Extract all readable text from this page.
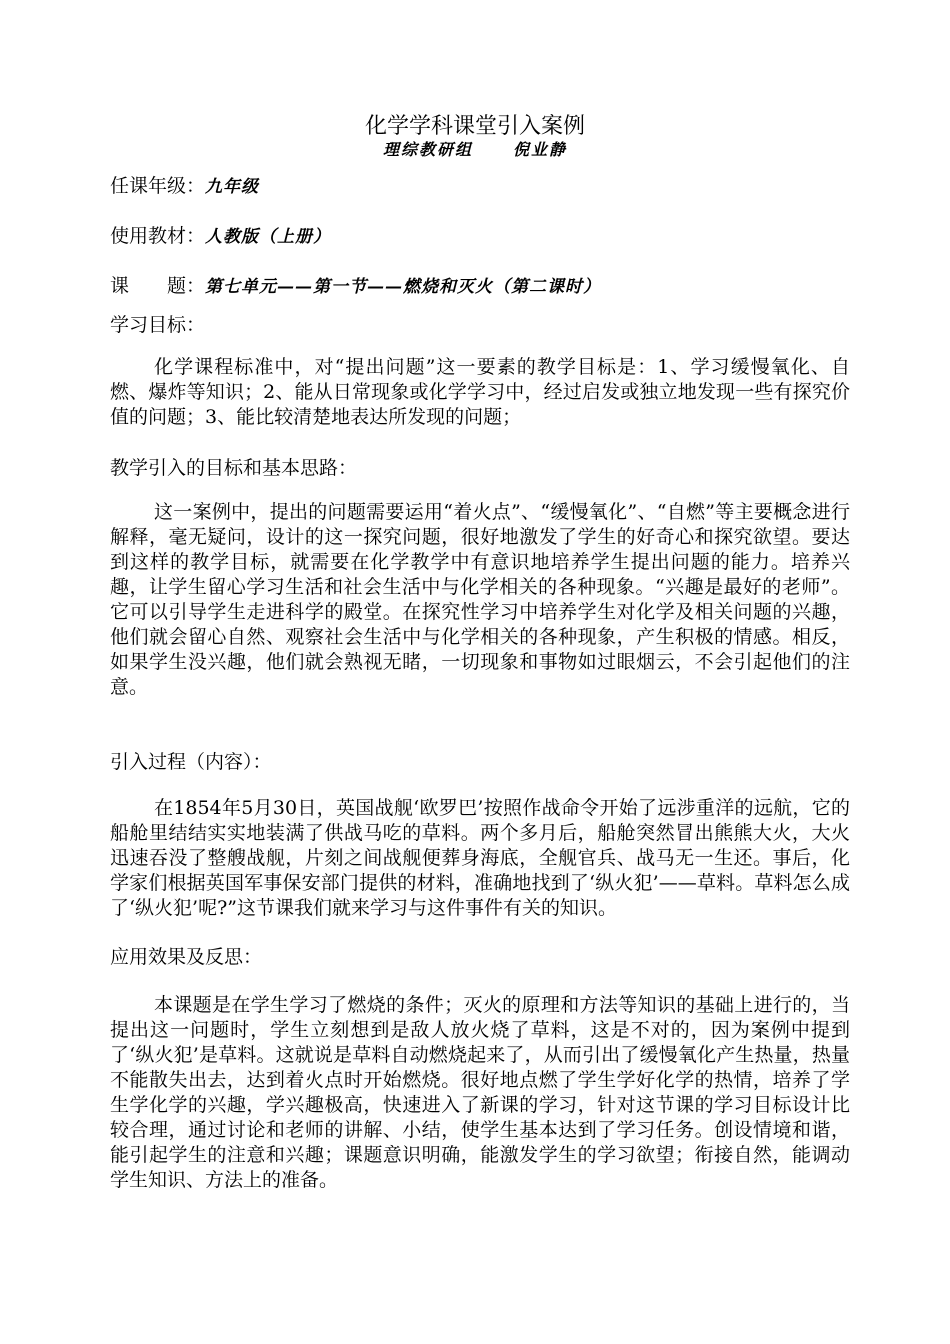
化学学科课堂引入案例
理综教研组	倪业静
任课年级：九年级
使用教材：人教版（上册）
课　　题：第七单元——第一节——燃烧和灭火（第二课时）
学习目标：
化学课程标准中，对“提出问题”这一要素的教学目标是：1、学习缓慢氧化、自燃、爆炸等知识；2、能从日常现象或化学学习中，经过启发或独立地发现一些有探究价值的问题；3、能比较清楚地表达所发现的问题；
教学引入的目标和基本思路：
这一案例中，提出的问题需要运用“着火点”、“缓慢氧化”、“自燃”等主要概念进行解释，毫无疑问，设计的这一探究问题，很好地激发了学生的好奇心和探究欲望。要达到这样的教学目标，就需要在化学教学中有意识地培养学生提出问题的能力。培养兴趣，让学生留心学习生活和社会生活中与化学相关的各种现象。“兴趣是最好的老师”。它可以引导学生走进科学的殿堂。在探究性学习中培养学生对化学及相关问题的兴趣，他们就会留心自然、观察社会生活中与化学相关的各种现象，产生积极的情感。相反，如果学生没兴趣，他们就会熟视无睹，一切现象和事物如过眼烟云，不会引起他们的注意。
引入过程（内容）：
在1854年5月30日，英国战舰‘欧罗巴’按照作战命令开始了远涉重洋的远航，它的船舱里结结实实地装满了供战马吃的草料。两个多月后，船舱突然冒出熊熊大火，大火迅速吞没了整艘战舰，片刻之间战舰便葬身海底，全舰官兵、战马无一生还。事后，化学家们根据英国军事保安部门提供的材料，准确地找到了‘纵火犯’——草料。草料怎么成了‘纵火犯’呢?”这节课我们就来学习与这件事件有关的知识。
应用效果及反思：
本课题是在学生学习了燃烧的条件；灭火的原理和方法等知识的基础上进行的，当提出这一问题时，学生立刻想到是敌人放火烧了草料，这是不对的，因为案例中提到了‘纵火犯’是草料。这就说是草料自动燃烧起来了，从而引出了缓慢氧化产生热量，热量不能散失出去，达到着火点时开始燃烧。很好地点燃了学生学好化学的热情，培养了学生学化学的兴趣，学兴趣极高，快速进入了新课的学习，针对这节课的学习目标设计比较合理，通过讨论和老师的讲解、小结，使学生基本达到了学习任务。创设情境和谐，能引起学生的注意和兴趣；课题意识明确，能激发学生的学习欲望；衔接自然，能调动学生知识、方法上的准备。
